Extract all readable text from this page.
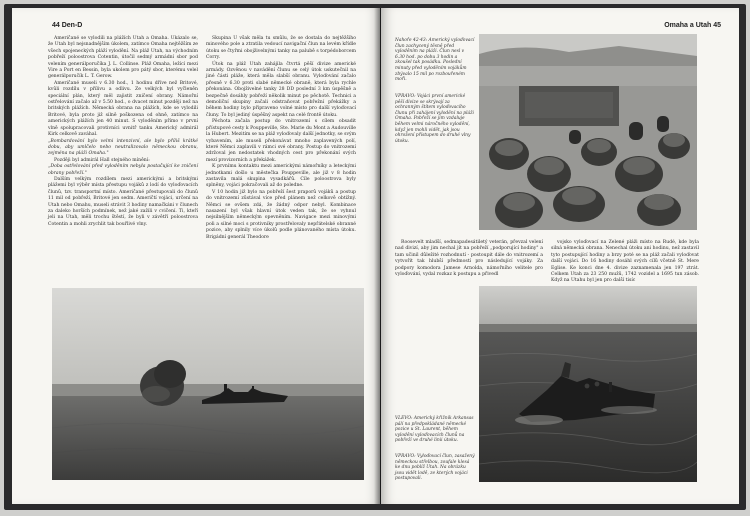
44 Den-D

Američané se vylodili na plážích Utah a Omaha. Ukázalo se, že Utah byl nejsnadnějším úkolem, zatímco Omaha nejtěžším ze všech spojeneckých pláží vylodění. Na pláž Utah, na východním pobřeží poloostrova Cotentin, útočil sedmý armádní sbor pod velením generálporučíka J. L. Collinse. Pláž Omaha, ležící mezi Vire a Port en Bessin, byla ukolem pro pátý sbor, kterému velel generálporučík L. T. Gerow.

Američané museli v 6.30 hod., 1 hodinu dříve než Britové, kvůli rozdílu v přílivu a odlivu. Ze velkých byl vyčleněn speciální plán, který měl zajistit zničení obrany. Námořní ostřelování začalo až v 5.50 hod., o dvacet minut později než na britských plážích. Německá obrana na plážích, kde se vylodili Britové, byla proto již silně poškozena od ohně, zatímco na amerických plážích jen 40 minut. S vyloděním přímo v první vlně spolupracovali protivníci uvnitř tanku Americký admirál Kirk celkově zaváhal.

„Bombardování bylo velmi intenzivní, ale bylo příliš krátké dobu, aby umlčelo nebo neutralizovalo německou obranu, zejména na pláži Omaha."

Později byl admirál Hall stejného mínění:

„Doba ostřelování před vyloděním nebyla postačující ke zničení obrany pobřeží."

Dalším velkým rozdílem mezi americkými a britskými plážemi byl výběr místa přestupu vojáků z lodí do vyloďovacích člunů, tzv. transportní místo. Američané přestupovali do člunů 11 mil od pobřeží, Britové jen sedm. Američtí vojáci, určení na Utah nebo Omahu, museli strávit 3 hodiny namačkáni v člunech za daleko horších podmínek, než jaké zažili v cvičení. Ti, kteří jeli na Utah, měli trochu štěstí, že byli v závětří poloostrova Cotentin a mohli zrychlit tak bouřlivé vlny.

Skupina U však měla tu smůlu, že se dostala do nejtěžšího minového pole a ztratila vedoucí navigační člun na levém křídle útoku se čtyřmi obojživelnými tanky na palubě s torpédoborcem Corry.

Útok na pláž Utah zahájila čtvrtá pěší divize americké armády. Ozvěnou v navádění člunu se celý útok uskutečnil na jiné části pláže, která měla slabší obranu. Vyloďování začalo přesně v 6.30 proti slabé německé obraně, která byla rychle překonána. Obojživelné tanky 28 DD poslední 3 km úspěšně a bezpečně dosáhly pobřeží několik minut po pěchotě. Technici a demoliční skupiny začali odstraňovat pobřežní překážky a během hodiny bylo připraveno volné místo pro další vyloďovací čluny. To byl jediný úspěšný aspekt na celé frontě útoku.

Pěchota začala postup do vnitrozemí s cílem obsadit přístupové cesty k Pouppeville, Ste. Marie du Mont a Audouville la Hubert. Mezitím se na pláž vyloďovaly další jednotky, se svým vybavením, ale museli překonávat mnoho zaplavených polí, které Němci zaplavili v rámci své obrany. Postup do vnitrozemí zdržoval jen nedostatek vhodných cest pro překonání svých mezí provizorních a překážek.

K prvnímu kontaktu mezi americkými námořníky a leteckými jednotkami došlo u městečka Pouppeville, ale již v 8 hodin zastavila malá skupina vysadkářů. Cíle poloostrova byly splněny, vojáci pokračovali až do poledne.

V 10 hodin již bylo na pobřeží šest praporů vojáků a postup do vnitrozemí zůstával více před plánem než celkově obtížný. Němci se ovšem zdá, že žádný odpor nebyl. Kombinace nasazení byl však hlavní útok veden tak, že se vyhnul nejsilnějším německým opevněním. Navigace mezi minovými poli a silné moci s protivníky prostřelovaly nepřátelské obranné pozice, aby splnily více úkolů podle plánovaného místa útoku. Brigádní generál Theodore

Omaha a Utah 45
Nahoře 42-43: Americký vyloďovací člun zachycený těsně před vyloděním na pláži. Člun nesl v 6.30 hod. po dobu 3 hodin a zkoušel tak posádku. Poslední minuty před vyloděním vojákům zbývalo 15 mil po rozbouřeném moři.
VPRAVO: Vojáci první americké pěší divize se skrývají za ochranným štítem vyloďovacího člunu při zahájení vylodění na pláži Omaha. Pobřeží se jim vzdaluje během velmi náročného vylodění, když jen mohli vidět, jak jsou ohrožení přístupem do druhé vlny útoku.

Roosevelt mladší, sedmapadesátiletý veterán, převzal velení nad divizí, aby jim nechal jít na pobřeží „podporující hodiny" a tam učinil důležité rozhodnutí - postoupit dále do vnitrozemí a vytvořit tak hlubší předmostí pro následující vojáky. Za podpory komodora Jamese Arnolda, námořního velitele pro vyloďování, vydal rozkaz k postupu a přivedl

vojsko vyloďovací na Zelené pláži místo na Rudé, kde byla silná německá obrana. Nenechal útoku ani hodinu, než zastavil tyto postupující hodiny a brzy poté se na pláž začali vyloďovat další vojáci. Do 16 hodiny dosáhl svých cílů včetně St. Mere Eglise. Ke konci dne 4. divize zaznamenala jen 197 ztrát. Celkem Utah za 23 250 mužů, 1742 vozidel a 1695 tun zásob. Když na Utahu byl jen pro další tisíc

VLEVO: Americký křižník Arkansas pálí na předpokládané německé pozice u St. Laurent, během vylodění vyloďovacích člunů na pobřeží ve druhé linii útoku.
VPRAVO: Vyloďovací člun, zasažený německou střelbou, zoufale klesá ke dnu poblíž Utah. Na obrázku jsou vidět lodě, ze kterých vojáci postupovali.
